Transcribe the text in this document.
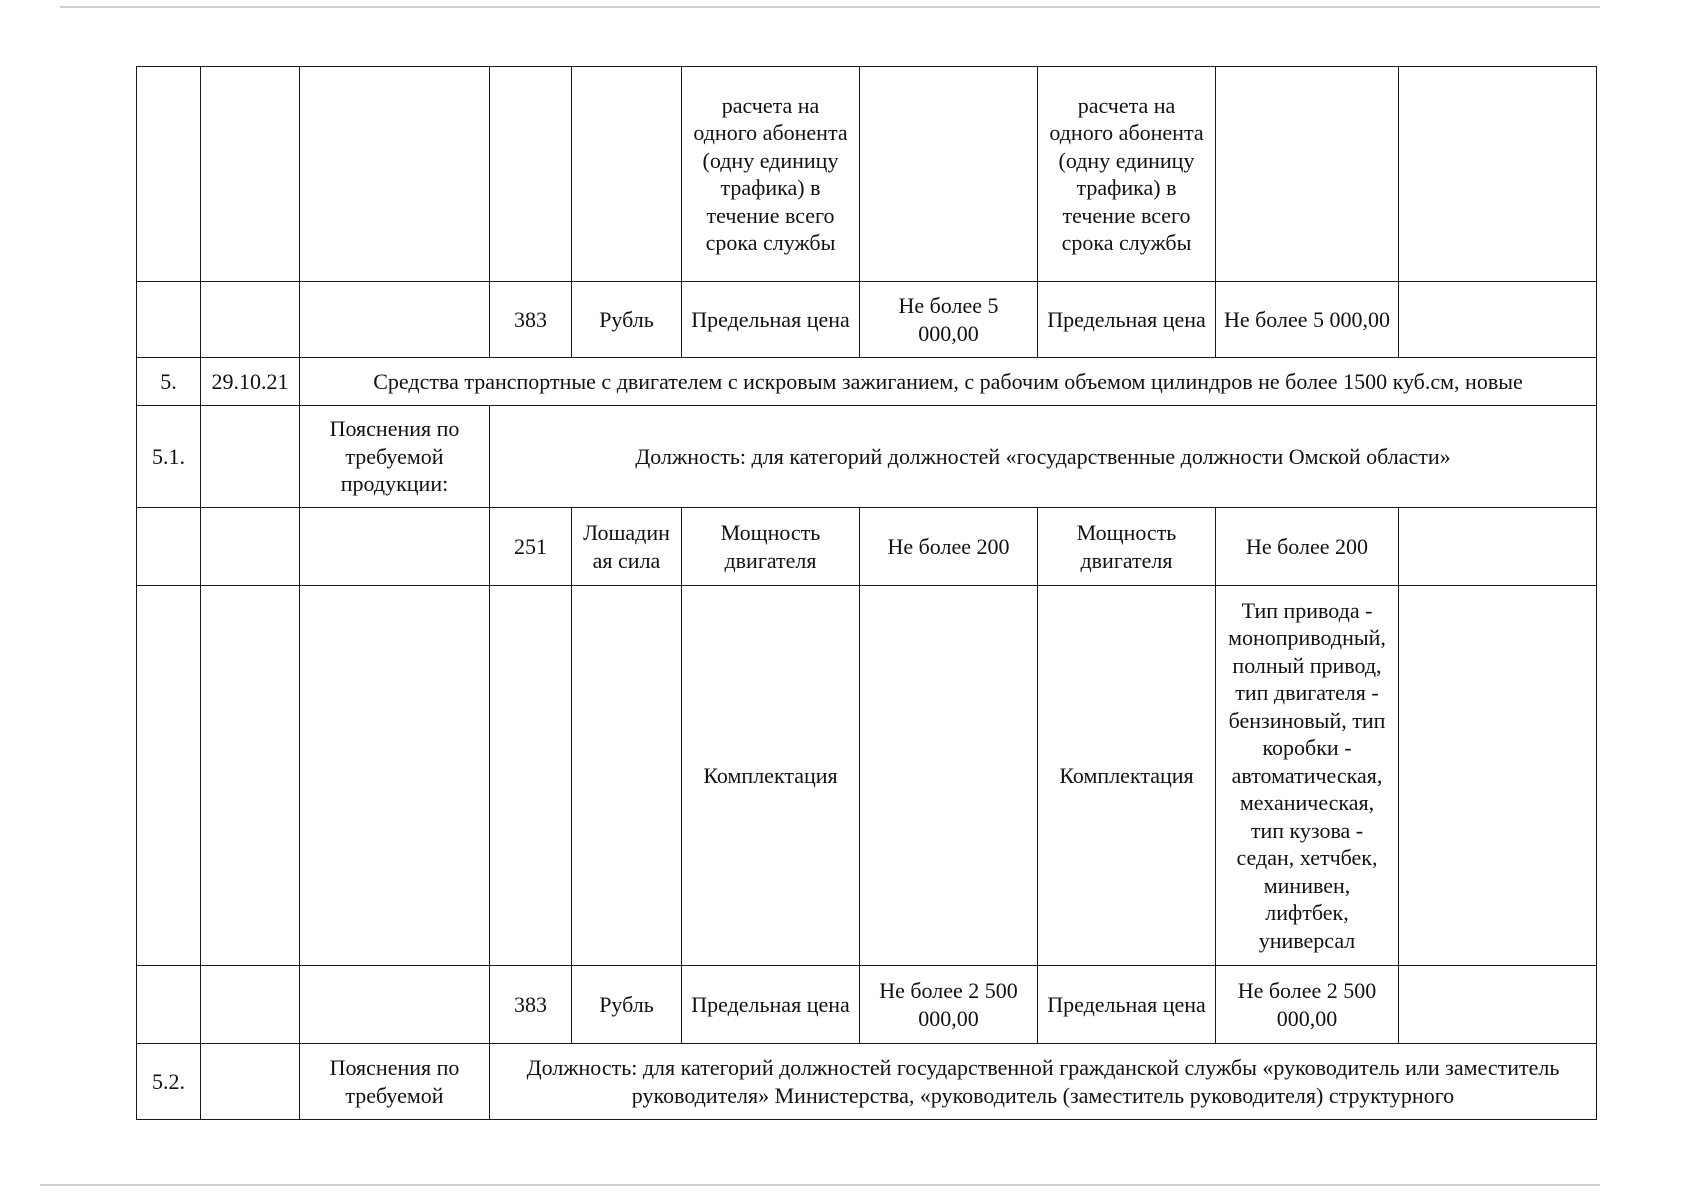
					расчета на одного абонента (одну единицу трафика) в течение всего срока службы		расчета на одного абонента (одну единицу трафика) в течение всего срока службы		
			383	Рубль	Предельная цена	Не более 5 000,00	Предельная цена	Не более 5 000,00	
5.	29.10.21	Средства транспортные с двигателем с искровым зажиганием, с рабочим объемом цилиндров не более 1500 куб.см, новые							
5.1.		Пояснения по требуемой продукции:	Должность: для категорий должностей «государственные должности Омской области»						
			251	Лошадин ая сила	Мощность двигателя	Не более 200	Мощность двигателя	Не более 200	
					Комплектация		Комплектация	Тип привода - моноприводный, полный привод, тип двигателя - бензиновый, тип коробки - автоматическая, механическая, тип кузова - седан, хетчбек, минивен, лифтбек, универсал	
			383	Рубль	Предельная цена	Не более 2 500 000,00	Предельная цена	Не более 2 500 000,00	
5.2.		Пояснения по требуемой	Должность: для категорий должностей государственной гражданской службы «руководитель или заместитель руководителя» Министерства, «руководитель (заместитель руководителя) структурного						
